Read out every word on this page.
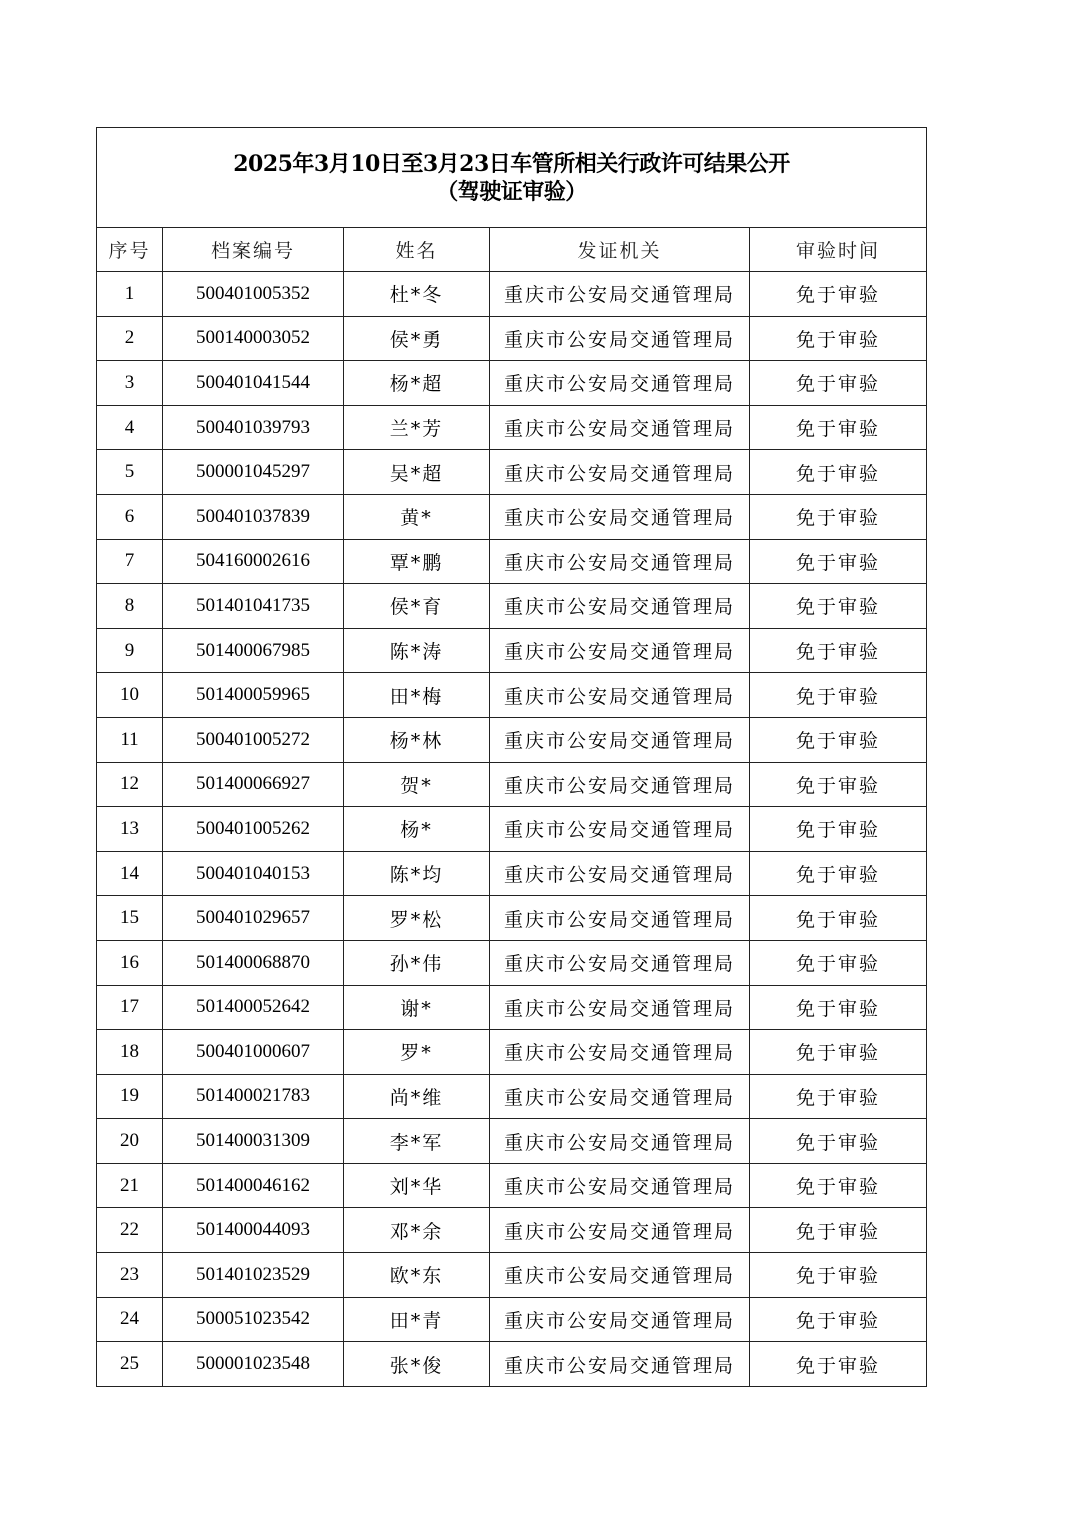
2025年3月10日至3月23日车管所相关行政许可结果公开
（驾驶证审验）				

序号	档案编号	姓名	发证机关	审验时间
1	500401005352	杜*冬	重庆市公安局交通管理局	免于审验
2	500140003052	侯*勇	重庆市公安局交通管理局	免于审验
3	500401041544	杨*超	重庆市公安局交通管理局	免于审验
4	500401039793	兰*芳	重庆市公安局交通管理局	免于审验
5	500001045297	吴*超	重庆市公安局交通管理局	免于审验
6	500401037839	黄*	重庆市公安局交通管理局	免于审验
7	504160002616	覃*鹏	重庆市公安局交通管理局	免于审验
8	501401041735	侯*育	重庆市公安局交通管理局	免于审验
9	501400067985	陈*涛	重庆市公安局交通管理局	免于审验
10	501400059965	田*梅	重庆市公安局交通管理局	免于审验
11	500401005272	杨*林	重庆市公安局交通管理局	免于审验
12	501400066927	贺*	重庆市公安局交通管理局	免于审验
13	500401005262	杨*	重庆市公安局交通管理局	免于审验
14	500401040153	陈*均	重庆市公安局交通管理局	免于审验
15	500401029657	罗*松	重庆市公安局交通管理局	免于审验
16	501400068870	孙*伟	重庆市公安局交通管理局	免于审验
17	501400052642	谢*	重庆市公安局交通管理局	免于审验
18	500401000607	罗*	重庆市公安局交通管理局	免于审验
19	501400021783	尚*维	重庆市公安局交通管理局	免于审验
20	501400031309	李*军	重庆市公安局交通管理局	免于审验
21	501400046162	刘*华	重庆市公安局交通管理局	免于审验
22	501400044093	邓*余	重庆市公安局交通管理局	免于审验
23	501401023529	欧*东	重庆市公安局交通管理局	免于审验
24	500051023542	田*青	重庆市公安局交通管理局	免于审验
25	500001023548	张*俊	重庆市公安局交通管理局	免于审验
